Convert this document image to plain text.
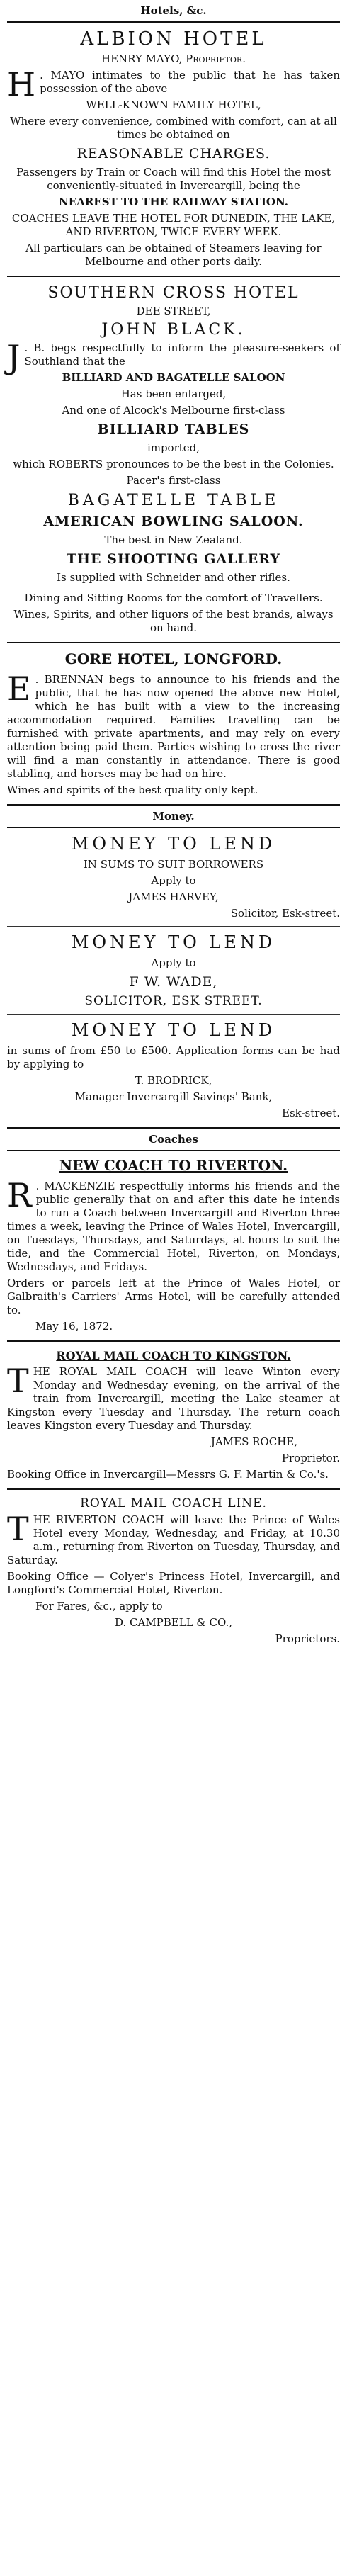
Hotels, &c.
ALBION HOTEL
HENRY MAYO, Proprietor.
H . MAYO intimates to the public that he has taken possession of the above
WELL-KNOWN FAMILY HOTEL,
Where every convenience, combined with comfort, can at all times be obtained on
REASONABLE CHARGES.
Passengers by Train or Coach will find this Hotel the most conveniently-situated in Invercargill, being the
NEAREST TO THE RAILWAY STATION.
COACHES LEAVE THE HOTEL FOR DUNEDIN, THE LAKE, AND RIVERTON, TWICE EVERY WEEK.
All particulars can be obtained of Steamers leaving for Melbourne and other ports daily.
SOUTHERN CROSS HOTEL
DEE STREET,
JOHN BLACK.
J . B. begs respectfully to inform the pleasure-seekers of Southland that the
BILLIARD AND BAGATELLE SALOON
Has been enlarged,
And one of Alcock's Melbourne first-class
BILLIARD TABLES
imported,
which ROBERTS pronounces to be the best in the Colonies.
Pacer's first-class
BAGATELLE TABLE
AMERICAN BOWLING SALOON.
The best in New Zealand.
THE SHOOTING GALLERY
Is supplied with Schneider and other rifles.
Dining and Sitting Rooms for the comfort of Travellers.
Wines, Spirits, and other liquors of the best brands, always on hand.
GORE HOTEL, LONGFORD.
E . BRENNAN begs to announce to his friends and the public, that he has now opened the above new Hotel, which he has built with a view to the increasing accommodation required. Families travelling can be furnished with private apartments, and may rely on every attention being paid them. Parties wishing to cross the river will find a man constantly in attendance. There is good stabling, and horses may be had on hire.
Wines and spirits of the best quality only kept.
Money.
MONEY TO LEND
IN SUMS TO SUIT BORROWERS
Apply to
JAMES HARVEY,
Solicitor, Esk-street.
MONEY TO LEND
Apply to
F W. WADE,
SOLICITOR, ESK STREET.
MONEY TO LEND
in sums of from £50 to £500. Application forms can be had by applying to
T. BRODRICK,
Manager Invercargill Savings' Bank,
Esk-street.
Coaches
NEW COACH TO RIVERTON.
R . MACKENZIE respectfully informs his friends and the public generally that on and after this date he intends to run a Coach between Invercargill and Riverton three times a week, leaving the Prince of Wales Hotel, Invercargill, on Tuesdays, Thursdays, and Saturdays, at hours to suit the tide, and the Commercial Hotel, Riverton, on Mondays, Wednesdays, and Fridays.
Orders or parcels left at the Prince of Wales Hotel, or Galbraith's Carriers' Arms Hotel, will be carefully attended to.
May 16, 1872.
ROYAL MAIL COACH TO KINGSTON.
THE ROYAL MAIL COACH will leave Winton every Monday and Wednesday evening, on the arrival of the train from Invercargill, meeting the Lake steamer at Kingston every Tuesday and Thursday. The return coach leaves Kingston every Tuesday and Thursday.
JAMES ROCHE,
Proprietor.
Booking Office in Invercargill—Messrs G. F. Martin & Co.'s.
ROYAL MAIL COACH LINE.
THE RIVERTON COACH will leave the Prince of Wales Hotel every Monday, Wednesday, and Friday, at 10.30 a.m., returning from Riverton on Tuesday, Thursday, and Saturday.
Booking Office — Colyer's Princess Hotel, Invercargill, and Longford's Commercial Hotel, Riverton.
For Fares, &c., apply to
D. CAMPBELL & CO.,
Proprietors.
